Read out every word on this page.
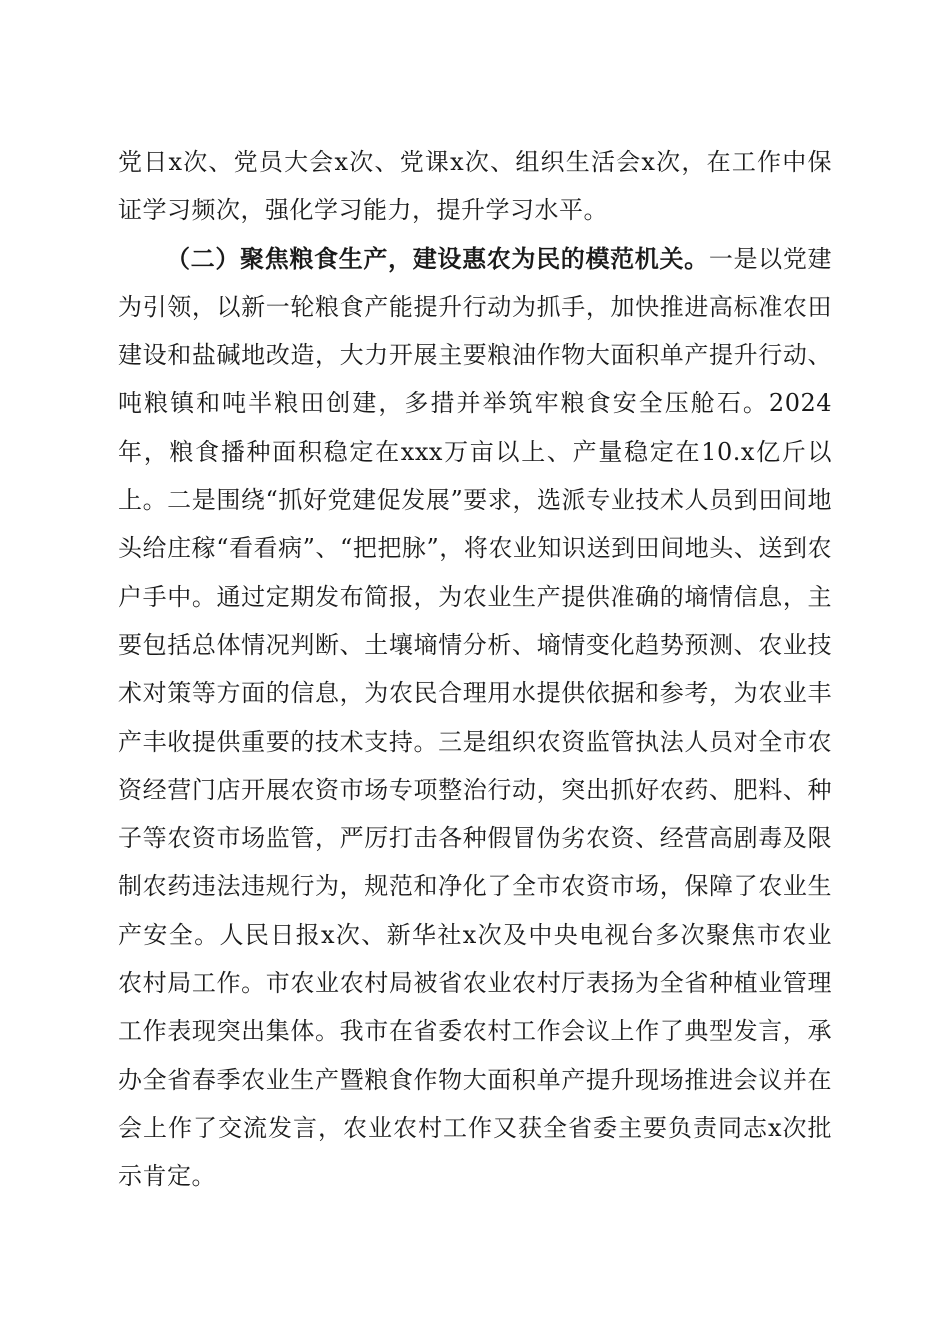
党日x次、党员大会x次、党课x次、组织生活会x次，在工作中保证学习频次，强化学习能力，提升学习水平。

（二）聚焦粮食生产，建设惠农为民的模范机关。一是以党建为引领，以新一轮粮食产能提升行动为抓手，加快推进高标准农田建设和盐碱地改造，大力开展主要粮油作物大面积单产提升行动、吨粮镇和吨半粮田创建，多措并举筑牢粮食安全压舱石。2024年，粮食播种面积稳定在xxx万亩以上、产量稳定在10.x亿斤以上。二是围绕“抓好党建促发展”要求，选派专业技术人员到田间地头给庄稼“看看病”、“把把脉”，将农业知识送到田间地头、送到农户手中。通过定期发布简报，为农业生产提供准确的墒情信息，主要包括总体情况判断、土壤墒情分析、墒情变化趋势预测、农业技术对策等方面的信息，为农民合理用水提供依据和参考，为农业丰产丰收提供重要的技术支持。三是组织农资监管执法人员对全市农资经营门店开展农资市场专项整治行动，突出抓好农药、肥料、种子等农资市场监管，严厉打击各种假冒伪劣农资、经营高剧毒及限制农药违法违规行为，规范和净化了全市农资市场，保障了农业生产安全。人民日报x次、新华社x次及中央电视台多次聚焦市农业农村局工作。市农业农村局被省农业农村厅表扬为全省种植业管理工作表现突出集体。我市在省委农村工作会议上作了典型发言，承办全省春季农业生产暨粮食作物大面积单产提升现场推进会议并在会上作了交流发言，农业农村工作又获全省委主要负责同志x次批示肯定。
